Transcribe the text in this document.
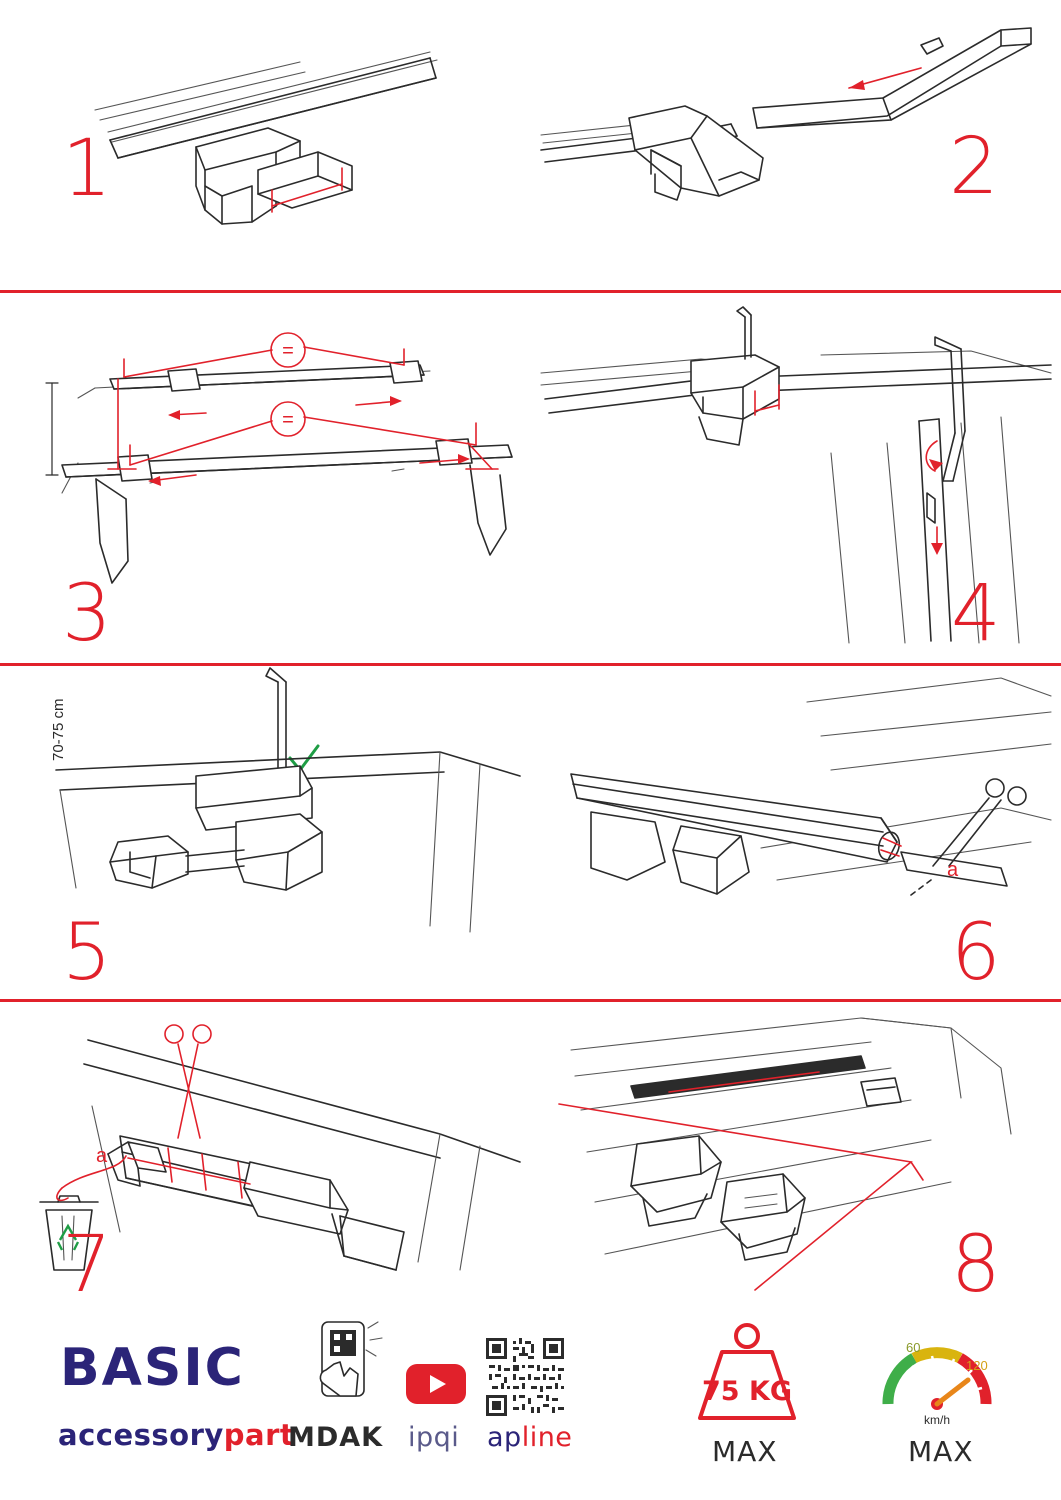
1	2
=
=
70-75 cm
3	4
5
a
6
a
7	8
BASIC
accessorypart
MDAK ipqi apline
75 KG
MAX
60
120
km/h
MAX
